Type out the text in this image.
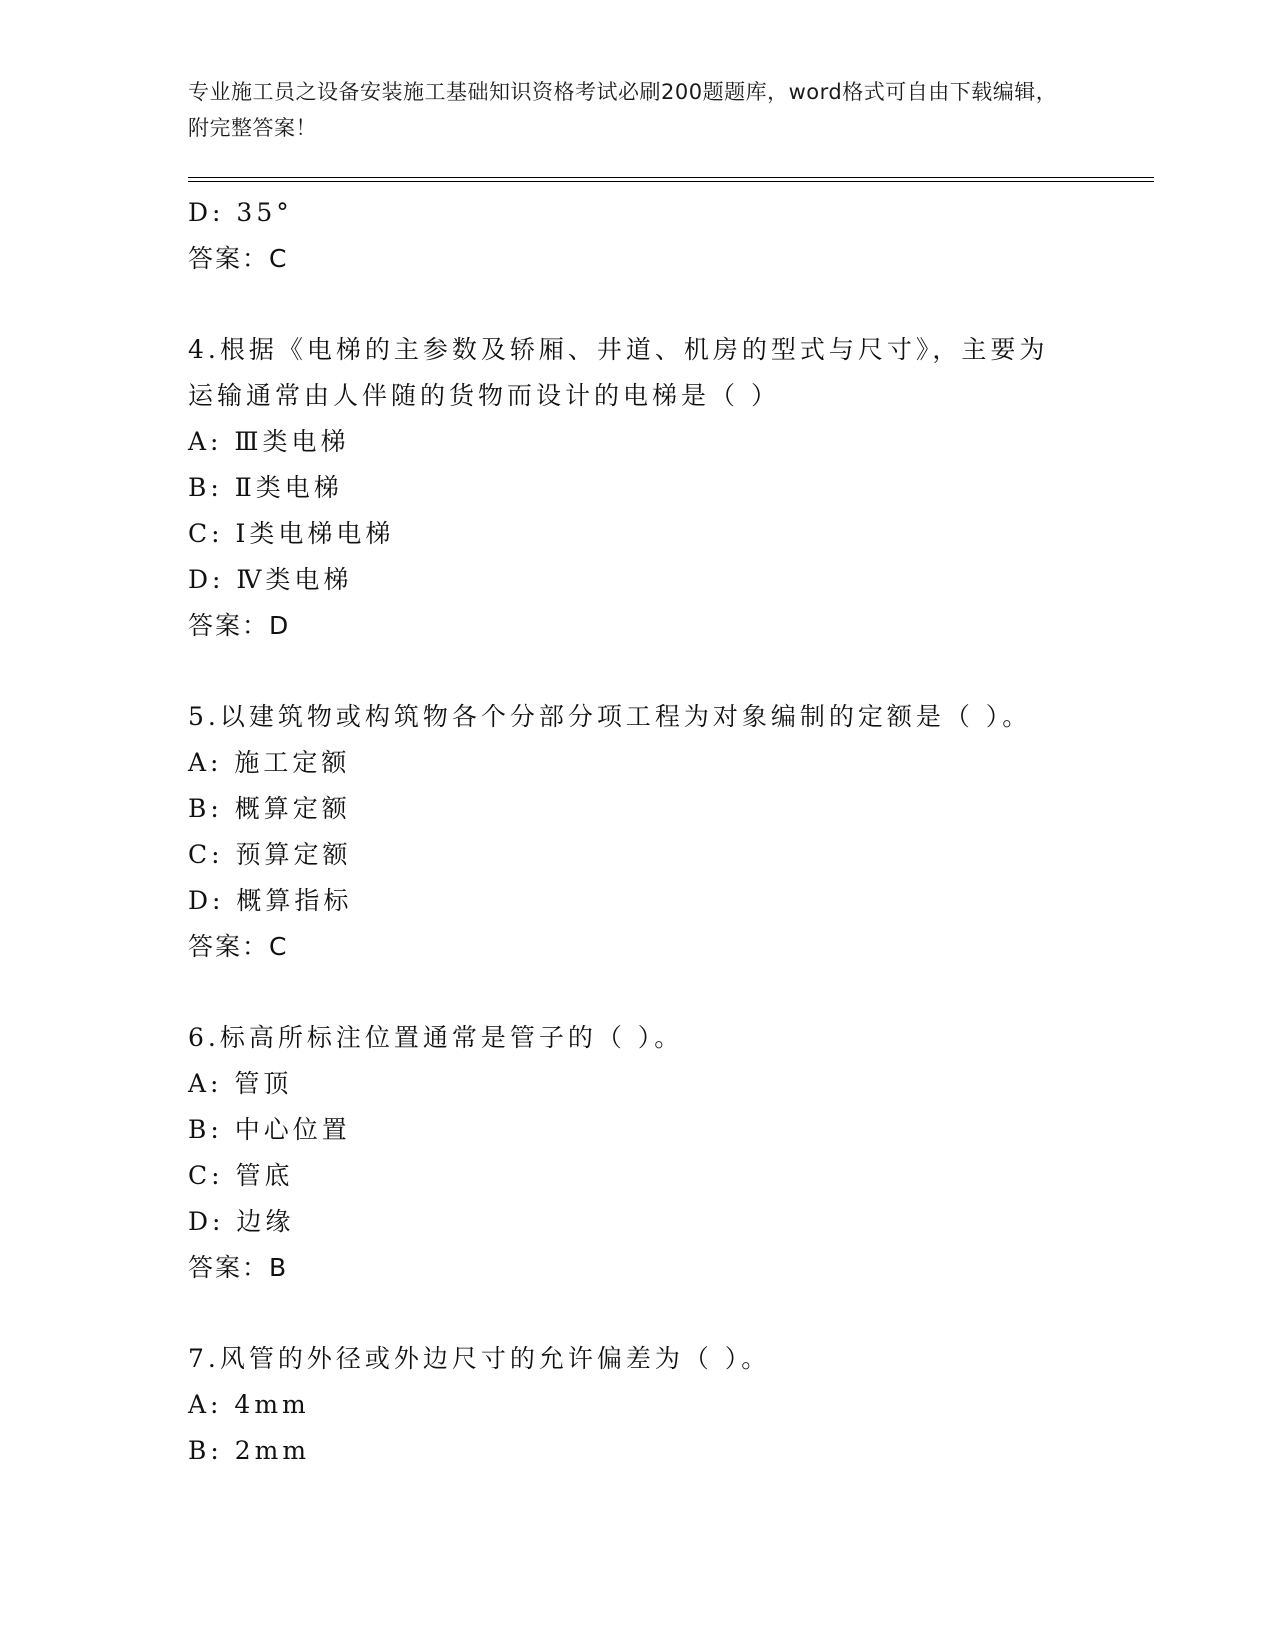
专业施工员之设备安装施工基础知识资格考试必刷200题题库，word格式可自由下载编辑，附完整答案！
D: 35°
答案：C
4.根据《电梯的主参数及轿厢、井道、机房的型式与尺寸》，主要为
运输通常由人伴随的货物而设计的电梯是（ ）
A: Ⅲ类电梯
B: Ⅱ类电梯
C: Ⅰ类电梯电梯
D: Ⅳ类电梯
答案：D
5.以建筑物或构筑物各个分部分项工程为对象编制的定额是（ ）。
A: 施工定额
B: 概算定额
C: 预算定额
D: 概算指标
答案：C
6.标高所标注位置通常是管子的（ ）。
A: 管顶
B: 中心位置
C: 管底
D: 边缘
答案：B
7.风管的外径或外边尺寸的允许偏差为（ ）。
A: 4mm
B: 2mm
